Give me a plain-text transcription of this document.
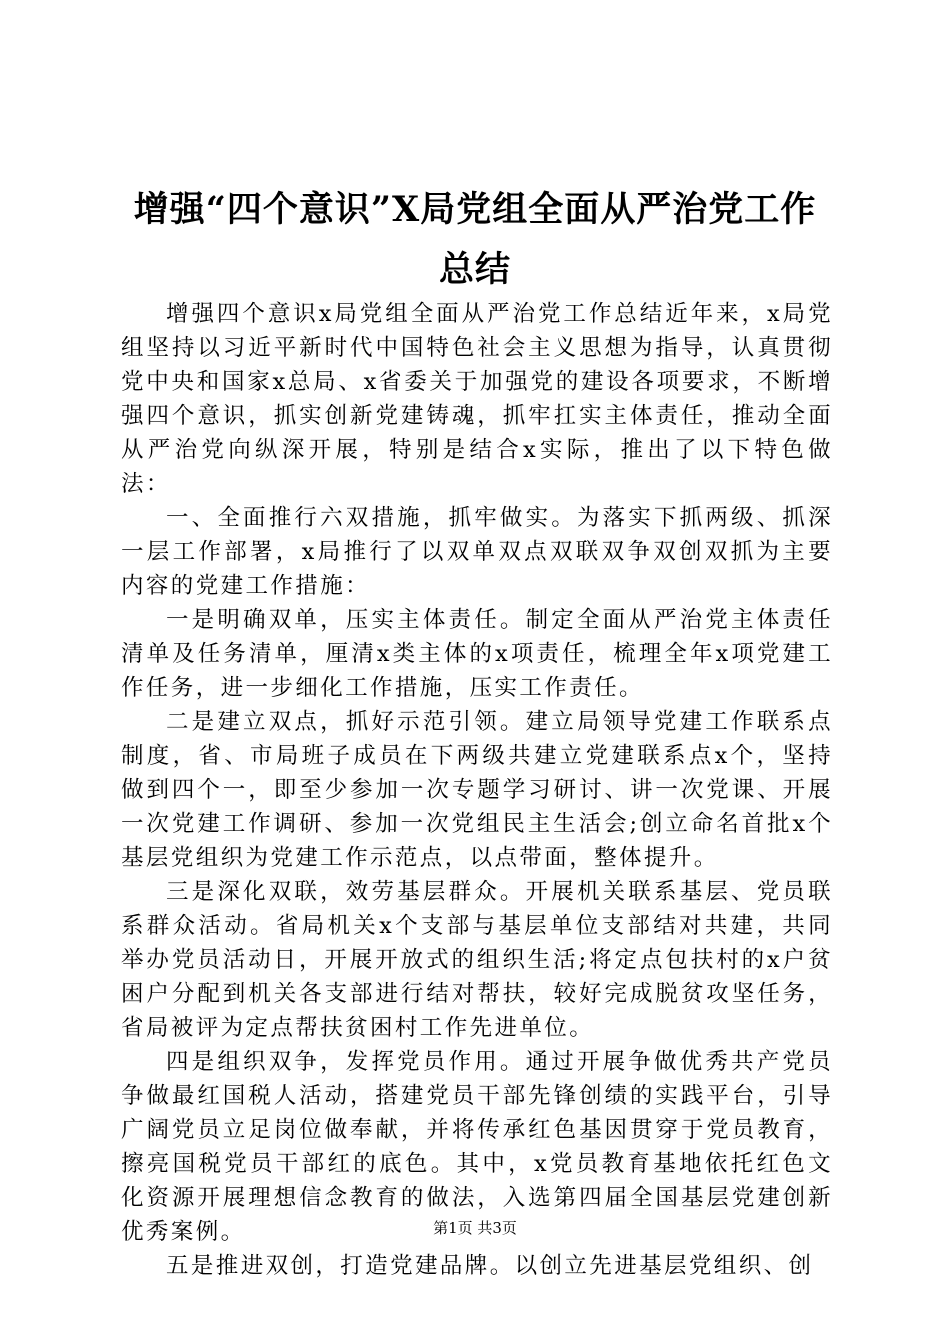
增强“四个意识”X局党组全面从严治党工作总结

增强四个意识x局党组全面从严治党工作总结近年来，x局党组坚持以习近平新时代中国特色社会主义思想为指导，认真贯彻党中央和国家x总局、x省委关于加强党的建设各项要求，不断增强四个意识，抓实创新党建铸魂，抓牢扛实主体责任，推动全面从严治党向纵深开展，特别是结合x实际，推出了以下特色做法：

一、全面推行六双措施，抓牢做实。为落实下抓两级、抓深一层工作部署，x局推行了以双单双点双联双争双创双抓为主要内容的党建工作措施：

一是明确双单，压实主体责任。制定全面从严治党主体责任清单及任务清单，厘清x类主体的x项责任，梳理全年x项党建工作任务，进一步细化工作措施，压实工作责任。

二是建立双点，抓好示范引领。建立局领导党建工作联系点制度，省、市局班子成员在下两级共建立党建联系点x个，坚持做到四个一，即至少参加一次专题学习研讨、讲一次党课、开展一次党建工作调研、参加一次党组民主生活会;创立命名首批x个基层党组织为党建工作示范点，以点带面，整体提升。

三是深化双联，效劳基层群众。开展机关联系基层、党员联系群众活动。省局机关x个支部与基层单位支部结对共建，共同举办党员活动日，开展开放式的组织生活;将定点包扶村的x户贫困户分配到机关各支部进行结对帮扶，较好完成脱贫攻坚任务，省局被评为定点帮扶贫困村工作先进单位。

四是组织双争，发挥党员作用。通过开展争做优秀共产党员争做最红国税人活动，搭建党员干部先锋创绩的实践平台，引导广阔党员立足岗位做奉献，并将传承红色基因贯穿于党员教育，擦亮国税党员干部红的底色。其中，x党员教育基地依托红色文化资源开展理想信念教育的做法，入选第四届全国基层党建创新优秀案例。

五是推进双创，打造党建品牌。以创立先进基层党组织、创

第1页 共3页
